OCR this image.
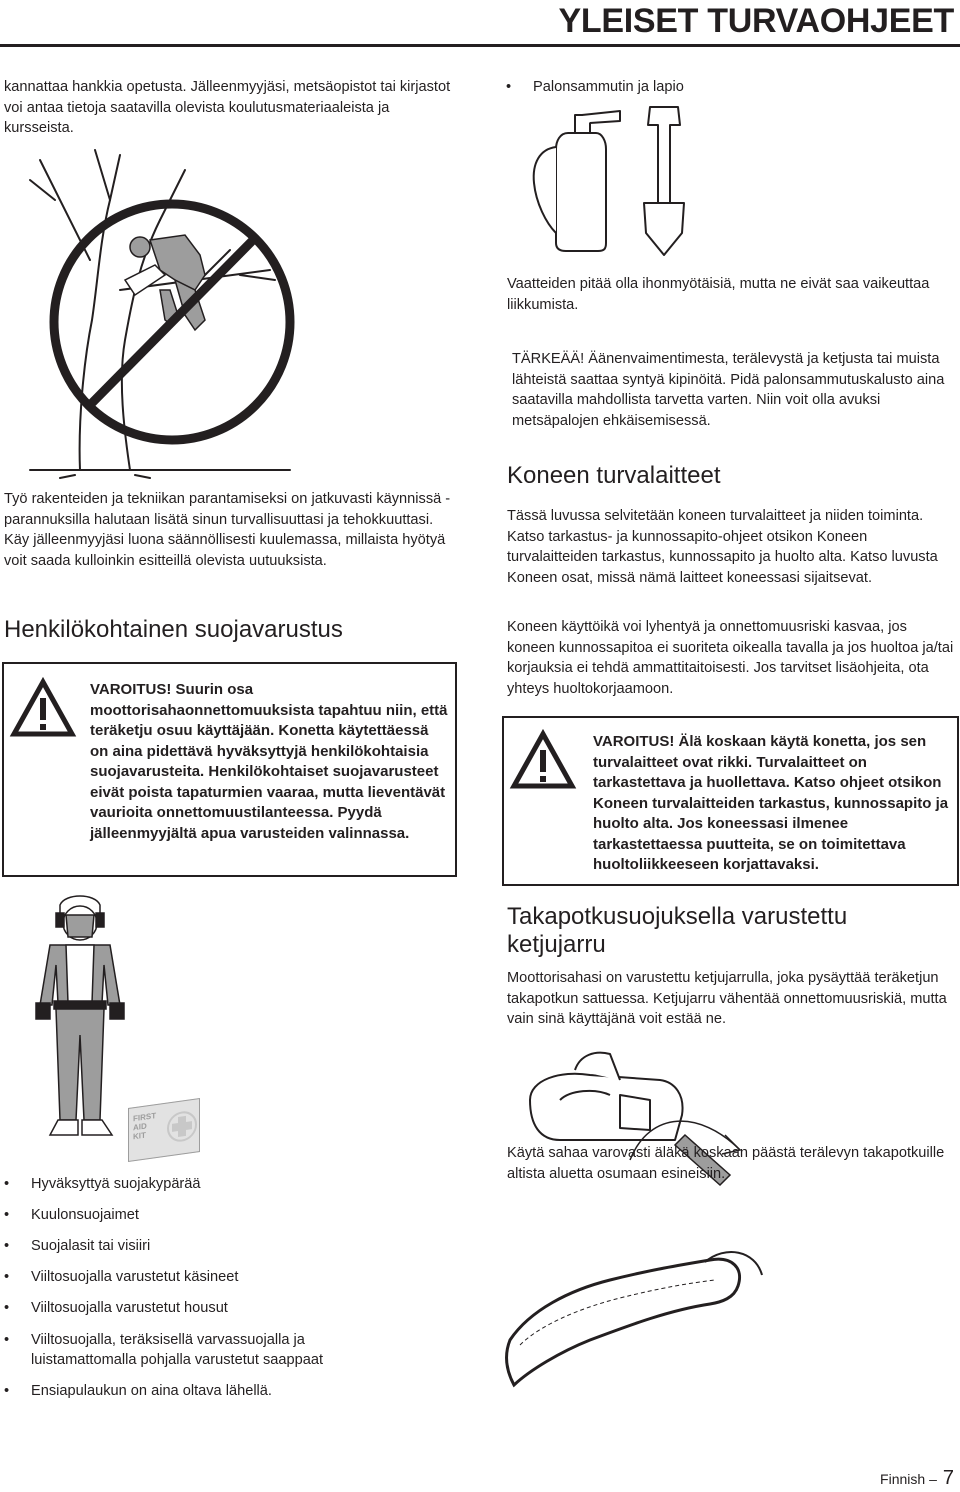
YLEISET TURVAOHJEET

kannattaa hankkia opetusta. Jälleenmyyjäsi, metsäopistot tai kirjastot voi antaa tietoja saatavilla olevista koulutusmateriaaleista ja kursseista.

Työ rakenteiden ja tekniikan parantamiseksi on jatkuvasti käynnissä - parannuksilla halutaan lisätä sinun turvallisuuttasi ja tehokkuuttasi. Käy jälleenmyyjäsi luona säännöllisesti kuulemassa, millaista hyötyä voit saada kulloinkin esitteillä olevista uutuuksista.

Henkilökohtainen suojavarustus

VAROITUS! Suurin osa moottorisahaonnettomuuksista tapahtuu niin, että teräketju osuu käyttäjään. Konetta käytettäessä on aina pidettävä hyväksyttyjä henkilökohtaisia suojavarusteita. Henkilökohtaiset suojavarusteet eivät poista tapaturmien vaaraa, mutta lieventävät vaurioita onnettomuustilanteessa. Pyydä jälleenmyyjältä apua varusteiden valinnassa.

FIRST
AID
KIT

• Hyväksyttyä suojakypärää

• Kuulonsuojaimet

• Suojalasit tai visiiri

• Viiltosuojalla varustetut käsineet

• Viiltosuojalla varustetut housut

• Viiltosuojalla, teräksisellä varvassuojalla ja luistamattomalla pohjalla varustetut saappaat

• Ensiapulaukun on aina oltava lähellä.

• Palonsammutin ja lapio

Vaatteiden pitää olla ihonmyötäisiä, mutta ne eivät saa vaikeuttaa liikkumista.

TÄRKEÄÄ! Äänenvaimentimesta, terälevystä ja ketjusta tai muista lähteistä saattaa syntyä kipinöitä. Pidä palonsammutuskalusto aina saatavilla mahdollista tarvetta varten. Niin voit olla avuksi metsäpalojen ehkäisemisessä.

Koneen turvalaitteet

Tässä luvussa selvitetään koneen turvalaitteet ja niiden toiminta. Katso tarkastus- ja kunnossapito-ohjeet otsikon Koneen turvalaitteiden tarkastus, kunnossapito ja huolto alta. Katso luvusta Koneen osat, missä nämä laitteet koneessasi sijaitsevat.

Koneen käyttöikä voi lyhentyä ja onnettomuusriski kasvaa, jos koneen kunnossapitoa ei suoriteta oikealla tavalla ja jos huoltoa ja/tai korjauksia ei tehdä ammattitaitoisesti. Jos tarvitset lisäohjeita, ota yhteys huoltokorjaamoon.

VAROITUS! Älä koskaan käytä konetta, jos sen turvalaitteet ovat rikki. Turvalaitteet on tarkastettava ja huollettava. Katso ohjeet otsikon Koneen turvalaitteiden tarkastus, kunnossapito ja huolto alta. Jos koneessasi ilmenee tarkastettaessa puutteita, se on toimitettava huoltoliikkeeseen korjattavaksi.

Takapotkusuojuksella varustettu ketjujarru

Moottorisahasi on varustettu ketjujarrulla, joka pysäyttää teräketjun takapotkun sattuessa. Ketjujarru vähentää onnettomuusriskiä, mutta vain sinä käyttäjänä voit estää ne.

Käytä sahaa varovasti äläkä koskaan päästä terälevyn takapotkuille altista aluetta osumaan esineisiin.

Finnish – 7
